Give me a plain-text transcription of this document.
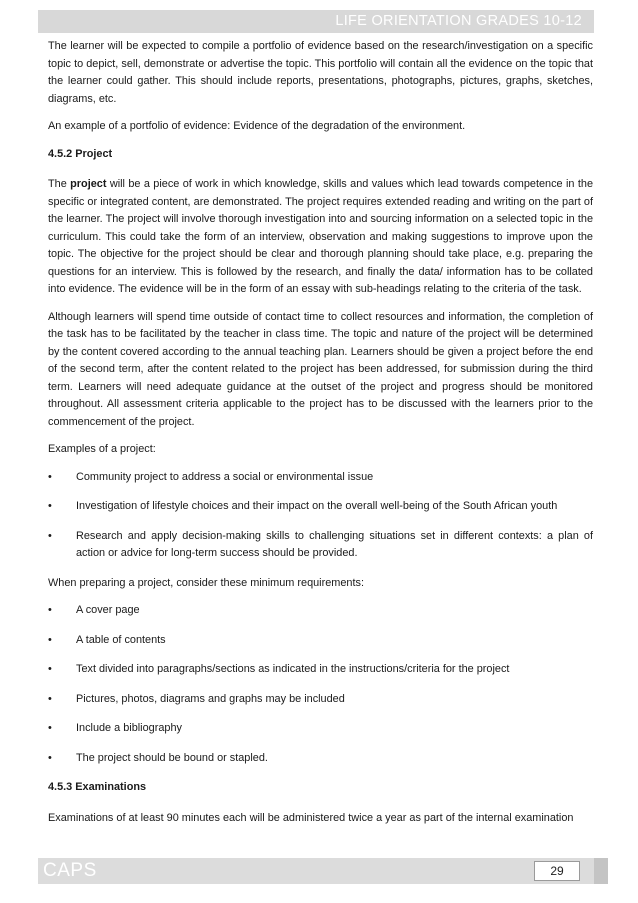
LIFE ORIENTATION GRADES 10-12

The learner will be expected to compile a portfolio of evidence based on the research/investigation on a specific topic to depict, sell, demonstrate or advertise the topic. This portfolio will contain all the evidence on the topic that the learner could gather. This should include reports, presentations, photographs, pictures, graphs, sketches, diagrams, etc.

An example of a portfolio of evidence: Evidence of the degradation of the environment.

4.5.2 Project

The project will be a piece of work in which knowledge, skills and values which lead towards competence in the specific or integrated content, are demonstrated. The project requires extended reading and writing on the part of the learner. The project will involve thorough investigation into and sourcing information on a selected topic in the curriculum. This could take the form of an interview, observation and making suggestions to improve upon the topic. The objective for the project should be clear and thorough planning should take place, e.g. preparing the questions for an interview. This is followed by the research, and finally the data/ information has to be collated into evidence. The evidence will be in the form of an essay with sub-headings relating to the criteria of the task.

Although learners will spend time outside of contact time to collect resources and information, the completion of the task has to be facilitated by the teacher in class time. The topic and nature of the project will be determined by the content covered according to the annual teaching plan. Learners should be given a project before the end of the second term, after the content related to the project has been addressed, for submission during the third term. Learners will need adequate guidance at the outset of the project and progress should be monitored throughout. All assessment criteria applicable to the project has to be discussed with the learners prior to the commencement of the project.

Examples of a project:

• Community project to address a social or environmental issue
• Investigation of lifestyle choices and their impact on the overall well-being of the South African youth
• Research and apply decision-making skills to challenging situations set in different contexts: a plan of action or advice for long-term success should be provided.

When preparing a project, consider these minimum requirements:

• A cover page
• A table of contents
• Text divided into paragraphs/sections as indicated in the instructions/criteria for the project
• Pictures, photos, diagrams and graphs may be included
• Include a bibliography
• The project should be bound or stapled.
4.5.3 Examinations

Examinations of at least 90 minutes each will be administered twice a year as part of the internal examination

CAPS	29
